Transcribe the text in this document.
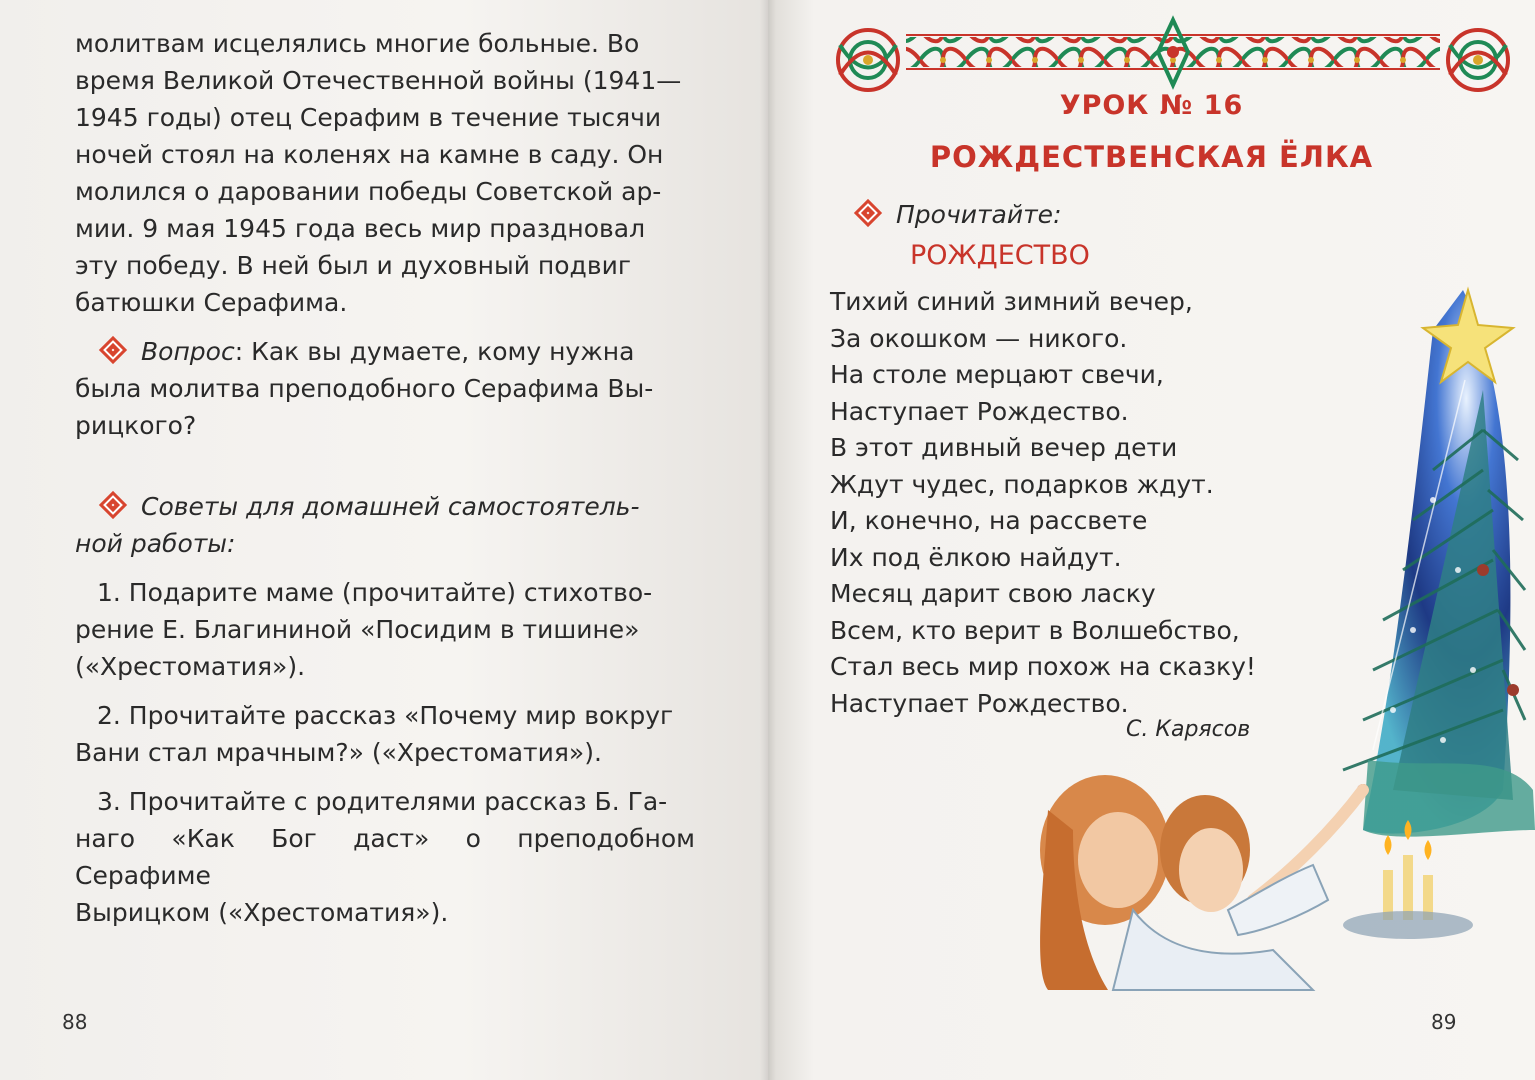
молитвам исцелялись многие больные. Во

время Великой Отечественной войны (1941—

1945 годы) отец Серафим в течение тысячи

ночей стоял на коленях на камне в саду. Он

молился о даровании победы Советской ар-

мии. 9 мая 1945 года весь мир праздновал

эту победу. В ней был и духовный подвиг

батюшки Серафима.

Вопрос: Как вы думаете, кому нужна

была молитва преподобного Серафима Вы-

рицкого?

Советы для домашней самостоятель-

ной работы:

1. Подарите маме (прочитайте) стихотво-

рение Е. Благининой «Посидим в тишине»

(«Хрестоматия»).

2. Прочитайте рассказ «Почему мир вокруг

Вани стал мрачным?» («Хрестоматия»).

3. Прочитайте с родителями рассказ Б. Га-

наго «Как Бог даст» о преподобном Серафиме

Вырицком («Хрестоматия»).

88
УРОК № 16
РОЖДЕСТВЕНСКАЯ ЁЛКА
Прочитайте:
РОЖДЕСТВО
Тихий синий зимний вечер,
За окошком — никого.
На столе мерцают свечи,
Наступает Рождество.
В этот дивный вечер дети
Ждут чудес, подарков ждут.
И, конечно, на рассвете
Их под ёлкою найдут.
Месяц дарит свою ласку
Всем, кто верит в Волшебство,
Стал весь мир похож на сказку!
Наступает Рождество.
С. Карясов
89
